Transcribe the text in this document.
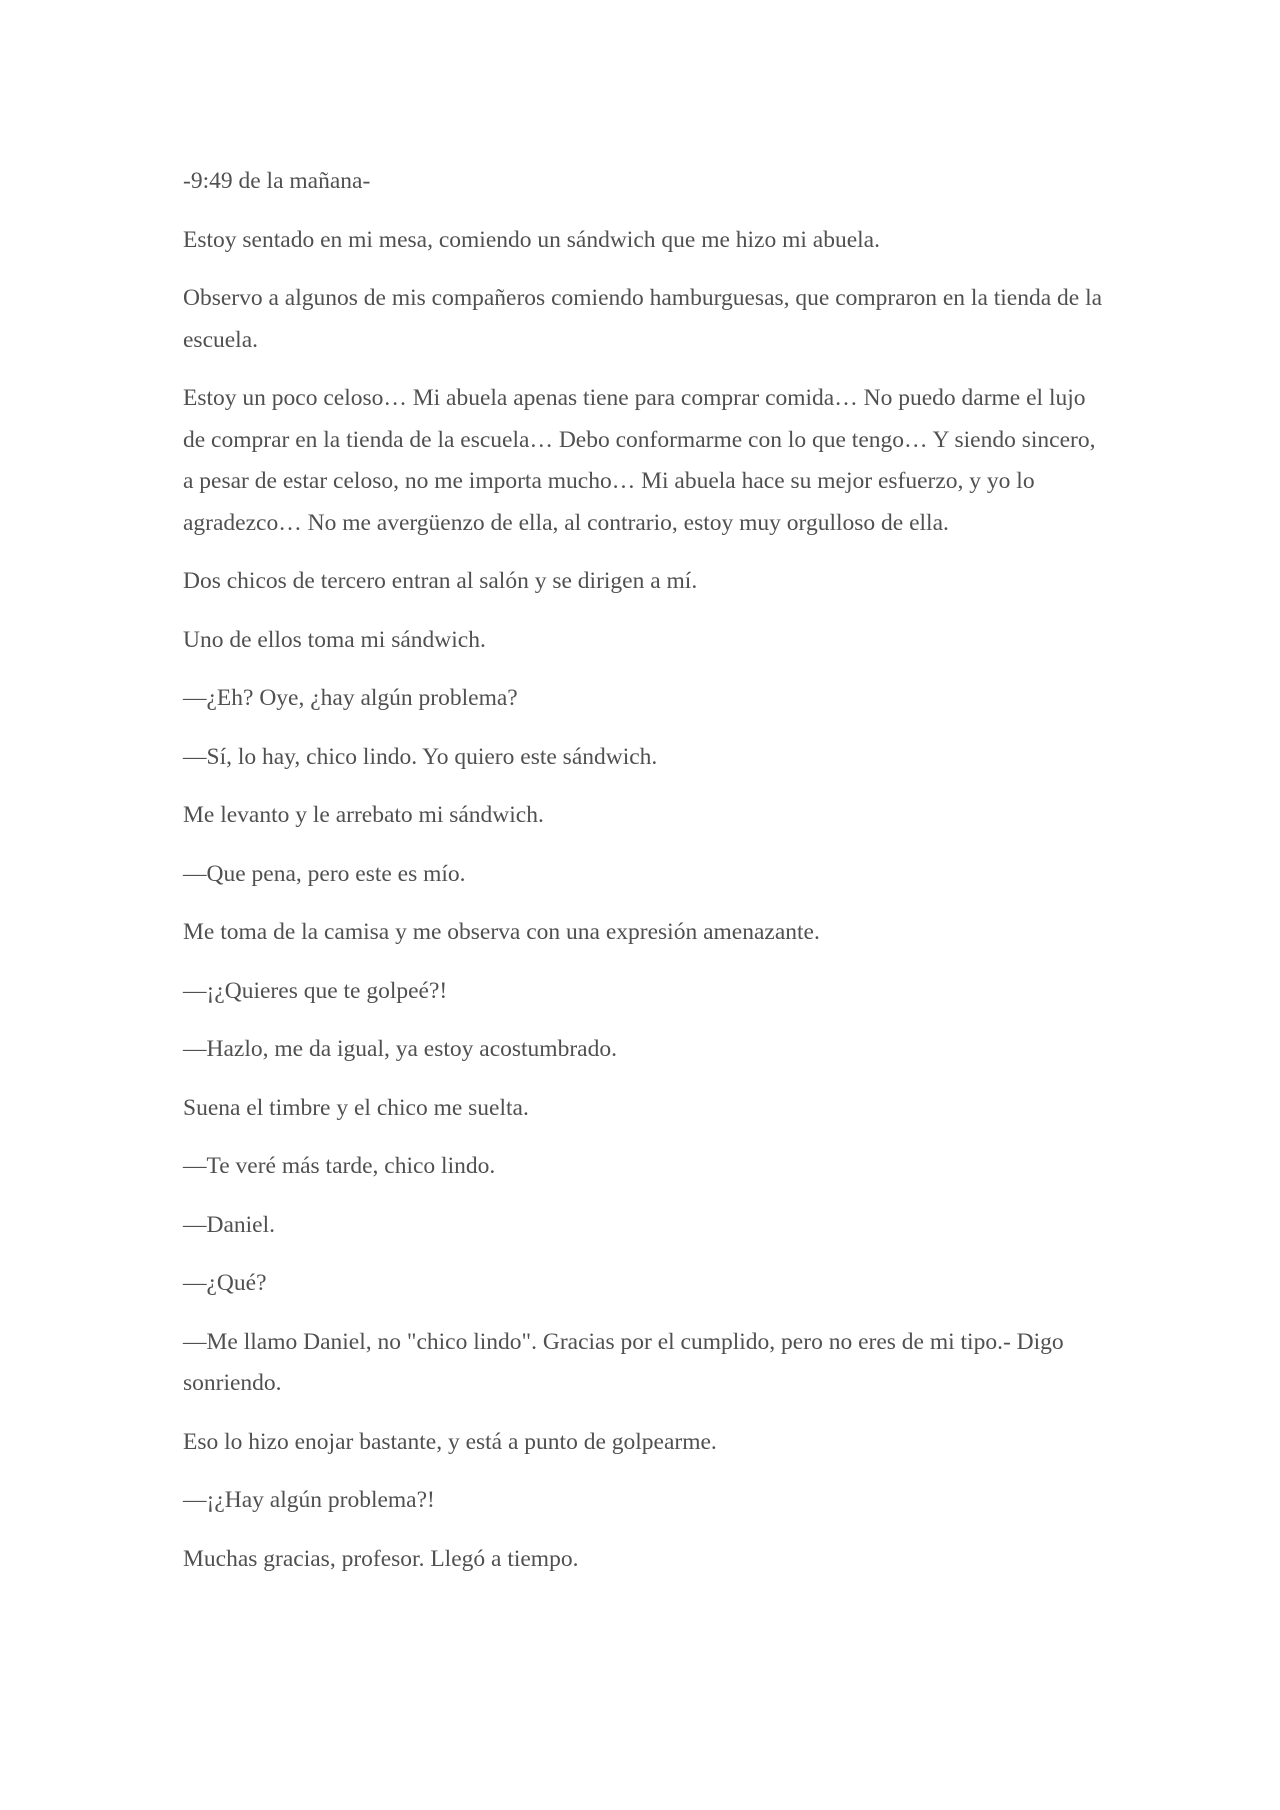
-9:49 de la mañana-

Estoy sentado en mi mesa, comiendo un sándwich que me hizo mi abuela.

Observo a algunos de mis compañeros comiendo hamburguesas, que compraron en la tienda de la escuela.

Estoy un poco celoso… Mi abuela apenas tiene para comprar comida… No puedo darme el lujo de comprar en la tienda de la escuela… Debo conformarme con lo que tengo… Y siendo sincero, a pesar de estar celoso, no me importa mucho… Mi abuela hace su mejor esfuerzo, y yo lo agradezco… No me avergüenzo de ella, al contrario, estoy muy orgulloso de ella.

Dos chicos de tercero entran al salón y se dirigen a mí.

Uno de ellos toma mi sándwich.

—¿Eh? Oye, ¿hay algún problema?

—Sí, lo hay, chico lindo. Yo quiero este sándwich.

Me levanto y le arrebato mi sándwich.

—Que pena, pero este es mío.

Me toma de la camisa y me observa con una expresión amenazante.

—¡¿Quieres que te golpeé?!

—Hazlo, me da igual, ya estoy acostumbrado.

Suena el timbre y el chico me suelta.

—Te veré más tarde, chico lindo.

—Daniel.

—¿Qué?

—Me llamo Daniel, no "chico lindo". Gracias por el cumplido, pero no eres de mi tipo.- Digo sonriendo.

Eso lo hizo enojar bastante, y está a punto de golpearme.

—¡¿Hay algún problema?!

Muchas gracias, profesor. Llegó a tiempo.
